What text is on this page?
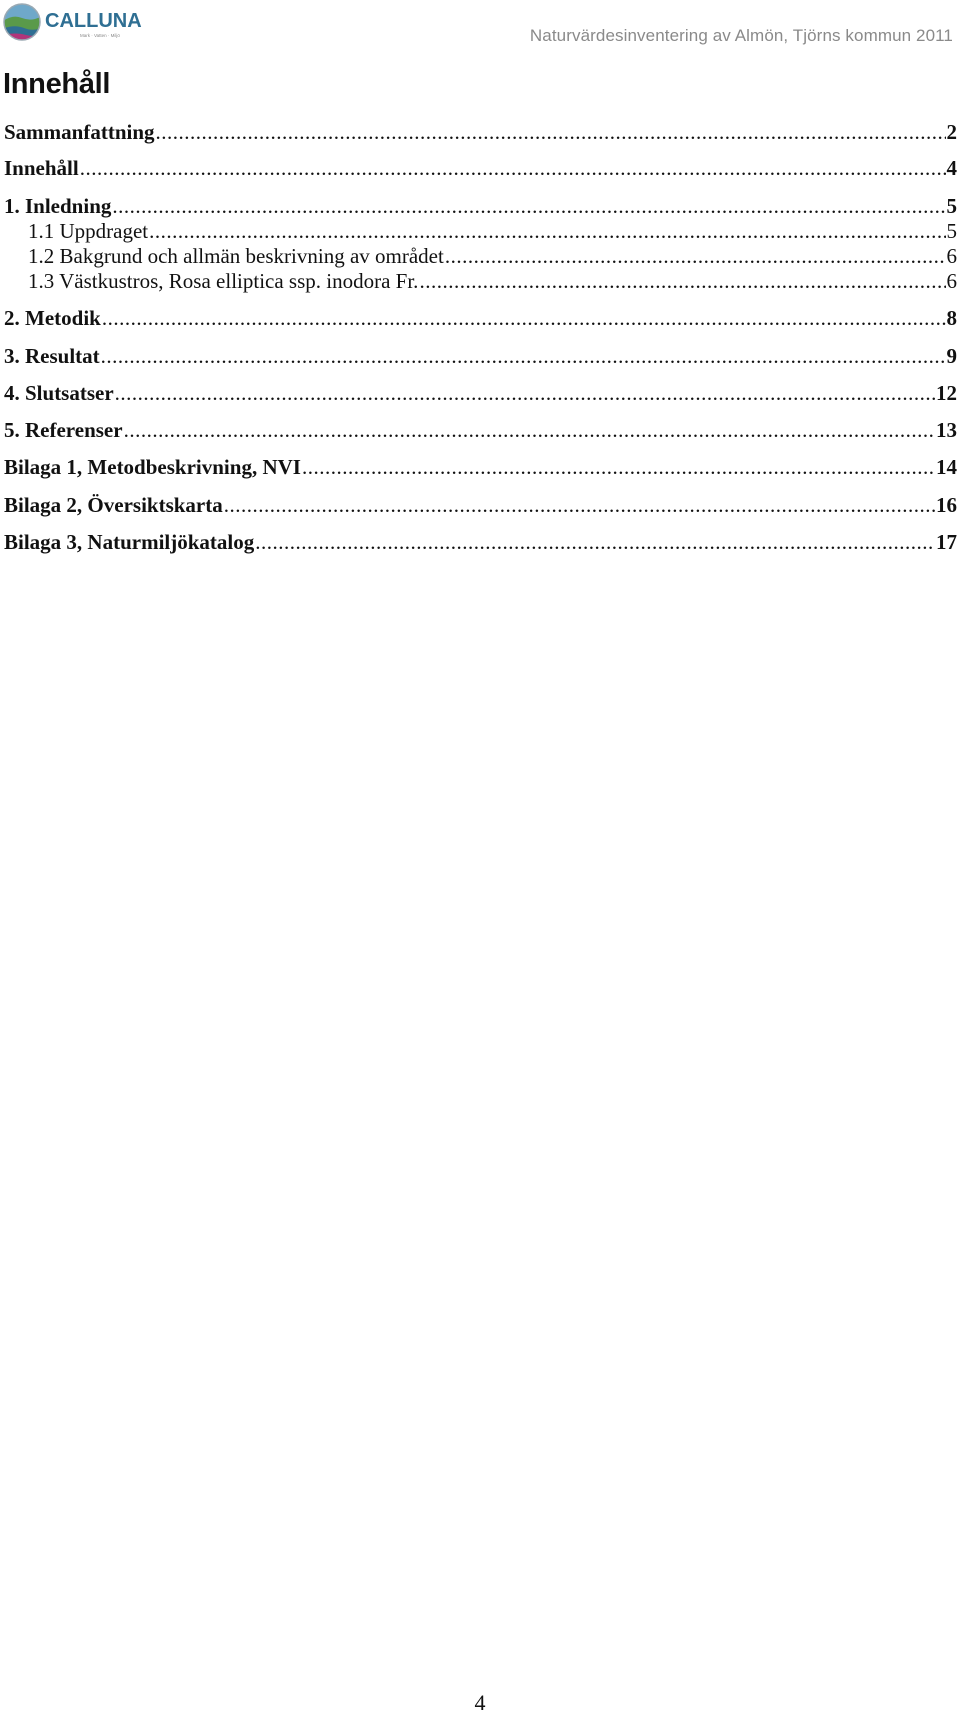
CALLUNA
Mark · Vatten · Miljö	Naturvärdesinventering av Almön, Tjörns kommun 2011
Innehåll
Sammanfattning .....	2
Innehåll .....	4
1. Inledning .....	5
1.1 Uppdraget .....	5
1.2 Bakgrund och allmän beskrivning av området .....	6
1.3 Västkustros, Rosa elliptica ssp. inodora Fr. .....	6
2. Metodik .....	8
3. Resultat .....	9
4. Slutsatser .....	12
5. Referenser .....	13
Bilaga 1, Metodbeskrivning, NVI .....	14
Bilaga 2, Översiktskarta .....	16
Bilaga 3, Naturmiljökatalog .....	17
4
